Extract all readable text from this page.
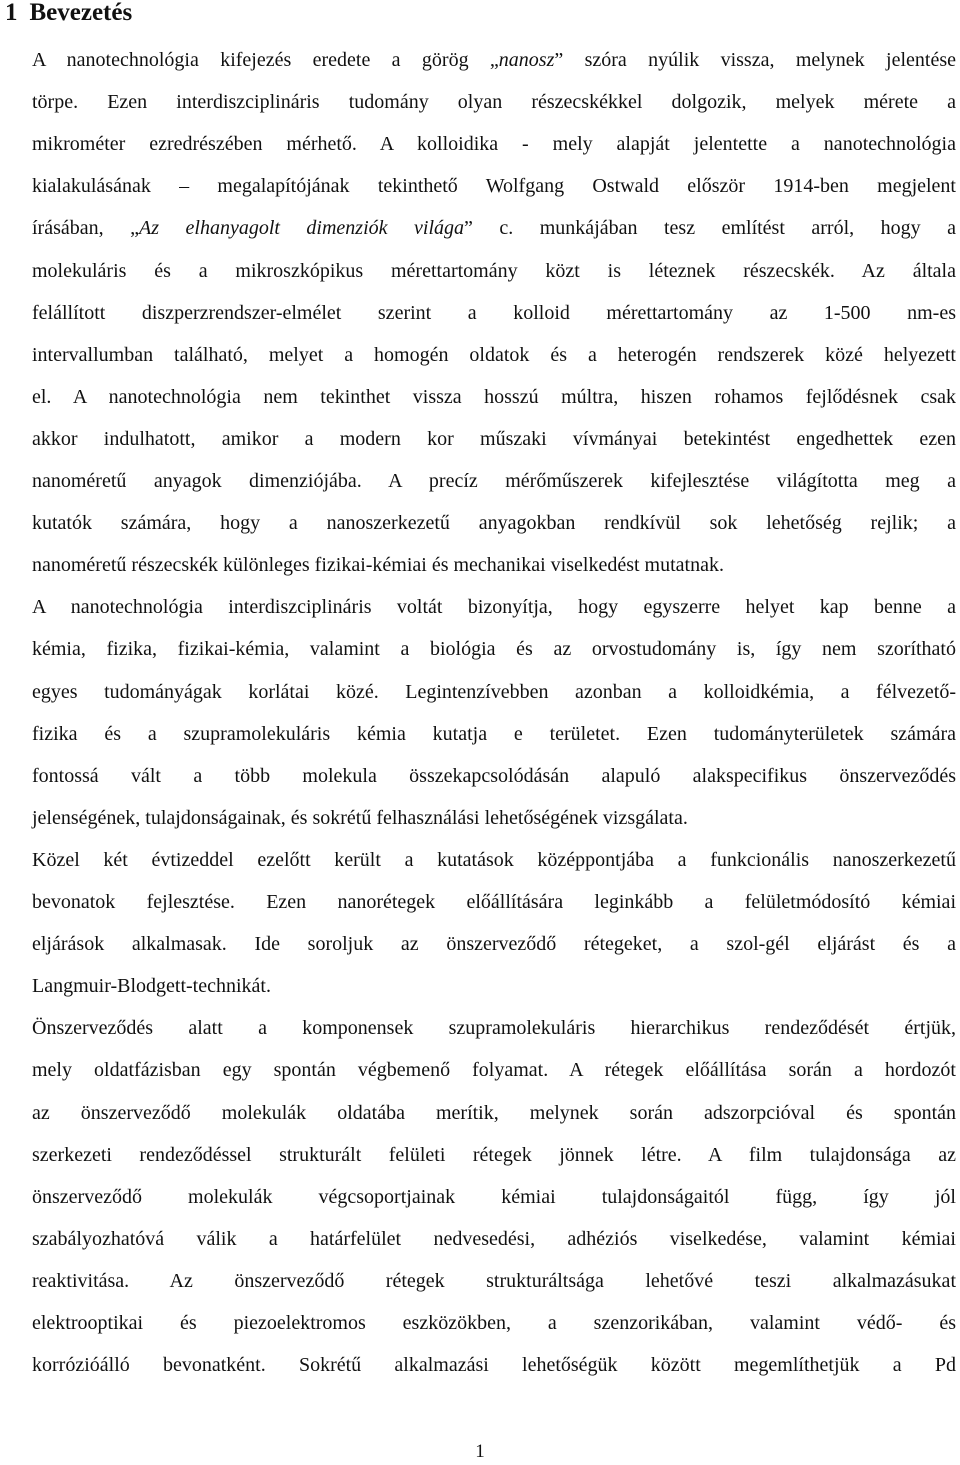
1 Bevezetés
A nanotechnológia kifejezés eredete a görög „nanosz” szóra nyúlik vissza, melynek jelentése
törpe. Ezen interdiszciplináris tudomány olyan részecskékkel dolgozik, melyek mérete a
mikrométer ezredrészében mérhető. A kolloidika - mely alapját jelentette a nanotechnológia
kialakulásának – megalapítójának tekinthető Wolfgang Ostwald először 1914-ben megjelent
írásában, „Az elhanyagolt dimenziók világa” c. munkájában tesz említést arról, hogy a
molekuláris és a mikroszkópikus mérettartomány közt is léteznek részecskék. Az általa
felállított diszperzrendszer-elmélet szerint a kolloid mérettartomány az 1-500 nm-es
intervallumban található, melyet a homogén oldatok és a heterogén rendszerek közé helyezett
el. A nanotechnológia nem tekinthet vissza hosszú múltra, hiszen rohamos fejlődésnek csak
akkor indulhatott, amikor a modern kor műszaki vívmányai betekintést engedhettek ezen
nanoméretű anyagok dimenziójába. A precíz mérőműszerek kifejlesztése világította meg a
kutatók számára, hogy a nanoszerkezetű anyagokban rendkívül sok lehetőség rejlik; a
nanoméretű részecskék különleges fizikai-kémiai és mechanikai viselkedést mutatnak.
A nanotechnológia interdiszciplináris voltát bizonyítja, hogy egyszerre helyet kap benne a
kémia, fizika, fizikai-kémia, valamint a biológia és az orvostudomány is, így nem szorítható
egyes tudományágak korlátai közé. Legintenzívebben azonban a kolloidkémia, a félvezető-
fizika és a szupramolekuláris kémia kutatja e területet. Ezen tudományterületek számára
fontossá vált a több molekula összekapcsolódásán alapuló alakspecifikus önszerveződés
jelenségének, tulajdonságainak, és sokrétű felhasználási lehetőségének vizsgálata.
Közel két évtizeddel ezelőtt került a kutatások középpontjába a funkcionális nanoszerkezetű
bevonatok fejlesztése. Ezen nanorétegek előállítására leginkább a felületmódosító kémiai
eljárások alkalmasak. Ide soroljuk az önszerveződő rétegeket, a szol-gél eljárást és a
Langmuir-Blodgett-technikát.
Önszerveződés alatt a komponensek szupramolekuláris hierarchikus rendeződését értjük,
mely oldatfázisban egy spontán végbemenő folyamat. A rétegek előállítása során a hordozót
az önszerveződő molekulák oldatába merítik, melynek során adszorpcióval és spontán
szerkezeti rendeződéssel strukturált felületi rétegek jönnek létre. A film tulajdonsága az
önszerveződő molekulák végcsoportjainak kémiai tulajdonságaitól függ, így jól
szabályozhatóvá válik a határfelület nedvesedési, adhéziós viselkedése, valamint kémiai
reaktivitása. Az önszerveződő rétegek strukturáltsága lehetővé teszi alkalmazásukat
elektrooptikai és piezoelektromos eszközökben, a szenzorikában, valamint védő- és
korrózióálló bevonatként. Sokrétű alkalmazási lehetőségük között megemlíthetjük a Pd
1
